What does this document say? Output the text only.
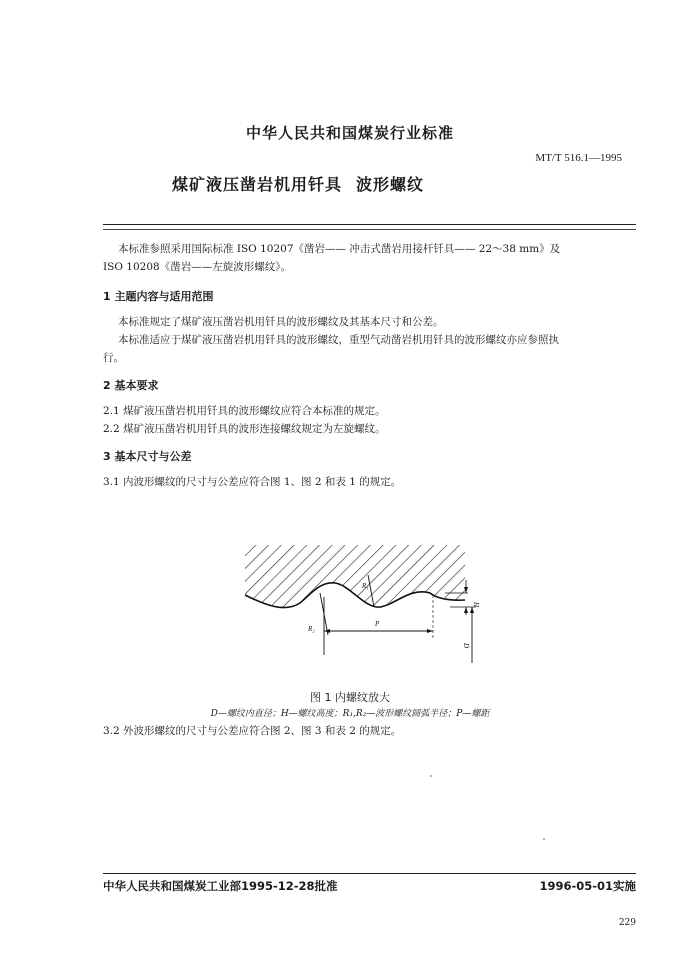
中华人民共和国煤炭行业标准
MT/T 516.1—1995
煤矿液压凿岩机用钎具 波形螺纹
本标准参照采用国际标准 ISO 10207《凿岩—— 冲击式凿岩用接杆钎具—— 22～38 mm》及
ISO 10208《凿岩——左旋波形螺纹》。
1 主题内容与适用范围
本标准规定了煤矿液压凿岩机用钎具的波形螺纹及其基本尺寸和公差。
本标准适应于煤矿液压凿岩机用钎具的波形螺纹，重型气动凿岩机用钎具的波形螺纹亦应参照执
行。
2 基本要求
2.1 煤矿液压凿岩机用钎具的波形螺纹应符合本标准的规定。
2.2 煤矿液压凿岩机用钎具的波形连接螺纹规定为左旋螺纹。
3 基本尺寸与公差
3.1 内波形螺纹的尺寸与公差应符合图 1、图 2 和表 1 的规定。
R₁
R₂
P
H
D
图 1 内螺纹放大
D—螺纹内直径；H—螺纹高度；R₁,R₂—波形螺纹圆弧半径；P—螺距
3.2 外波形螺纹的尺寸与公差应符合图 2、图 3 和表 2 的规定。
中华人民共和国煤炭工业部1995-12-28批准	1996-05-01实施
229
